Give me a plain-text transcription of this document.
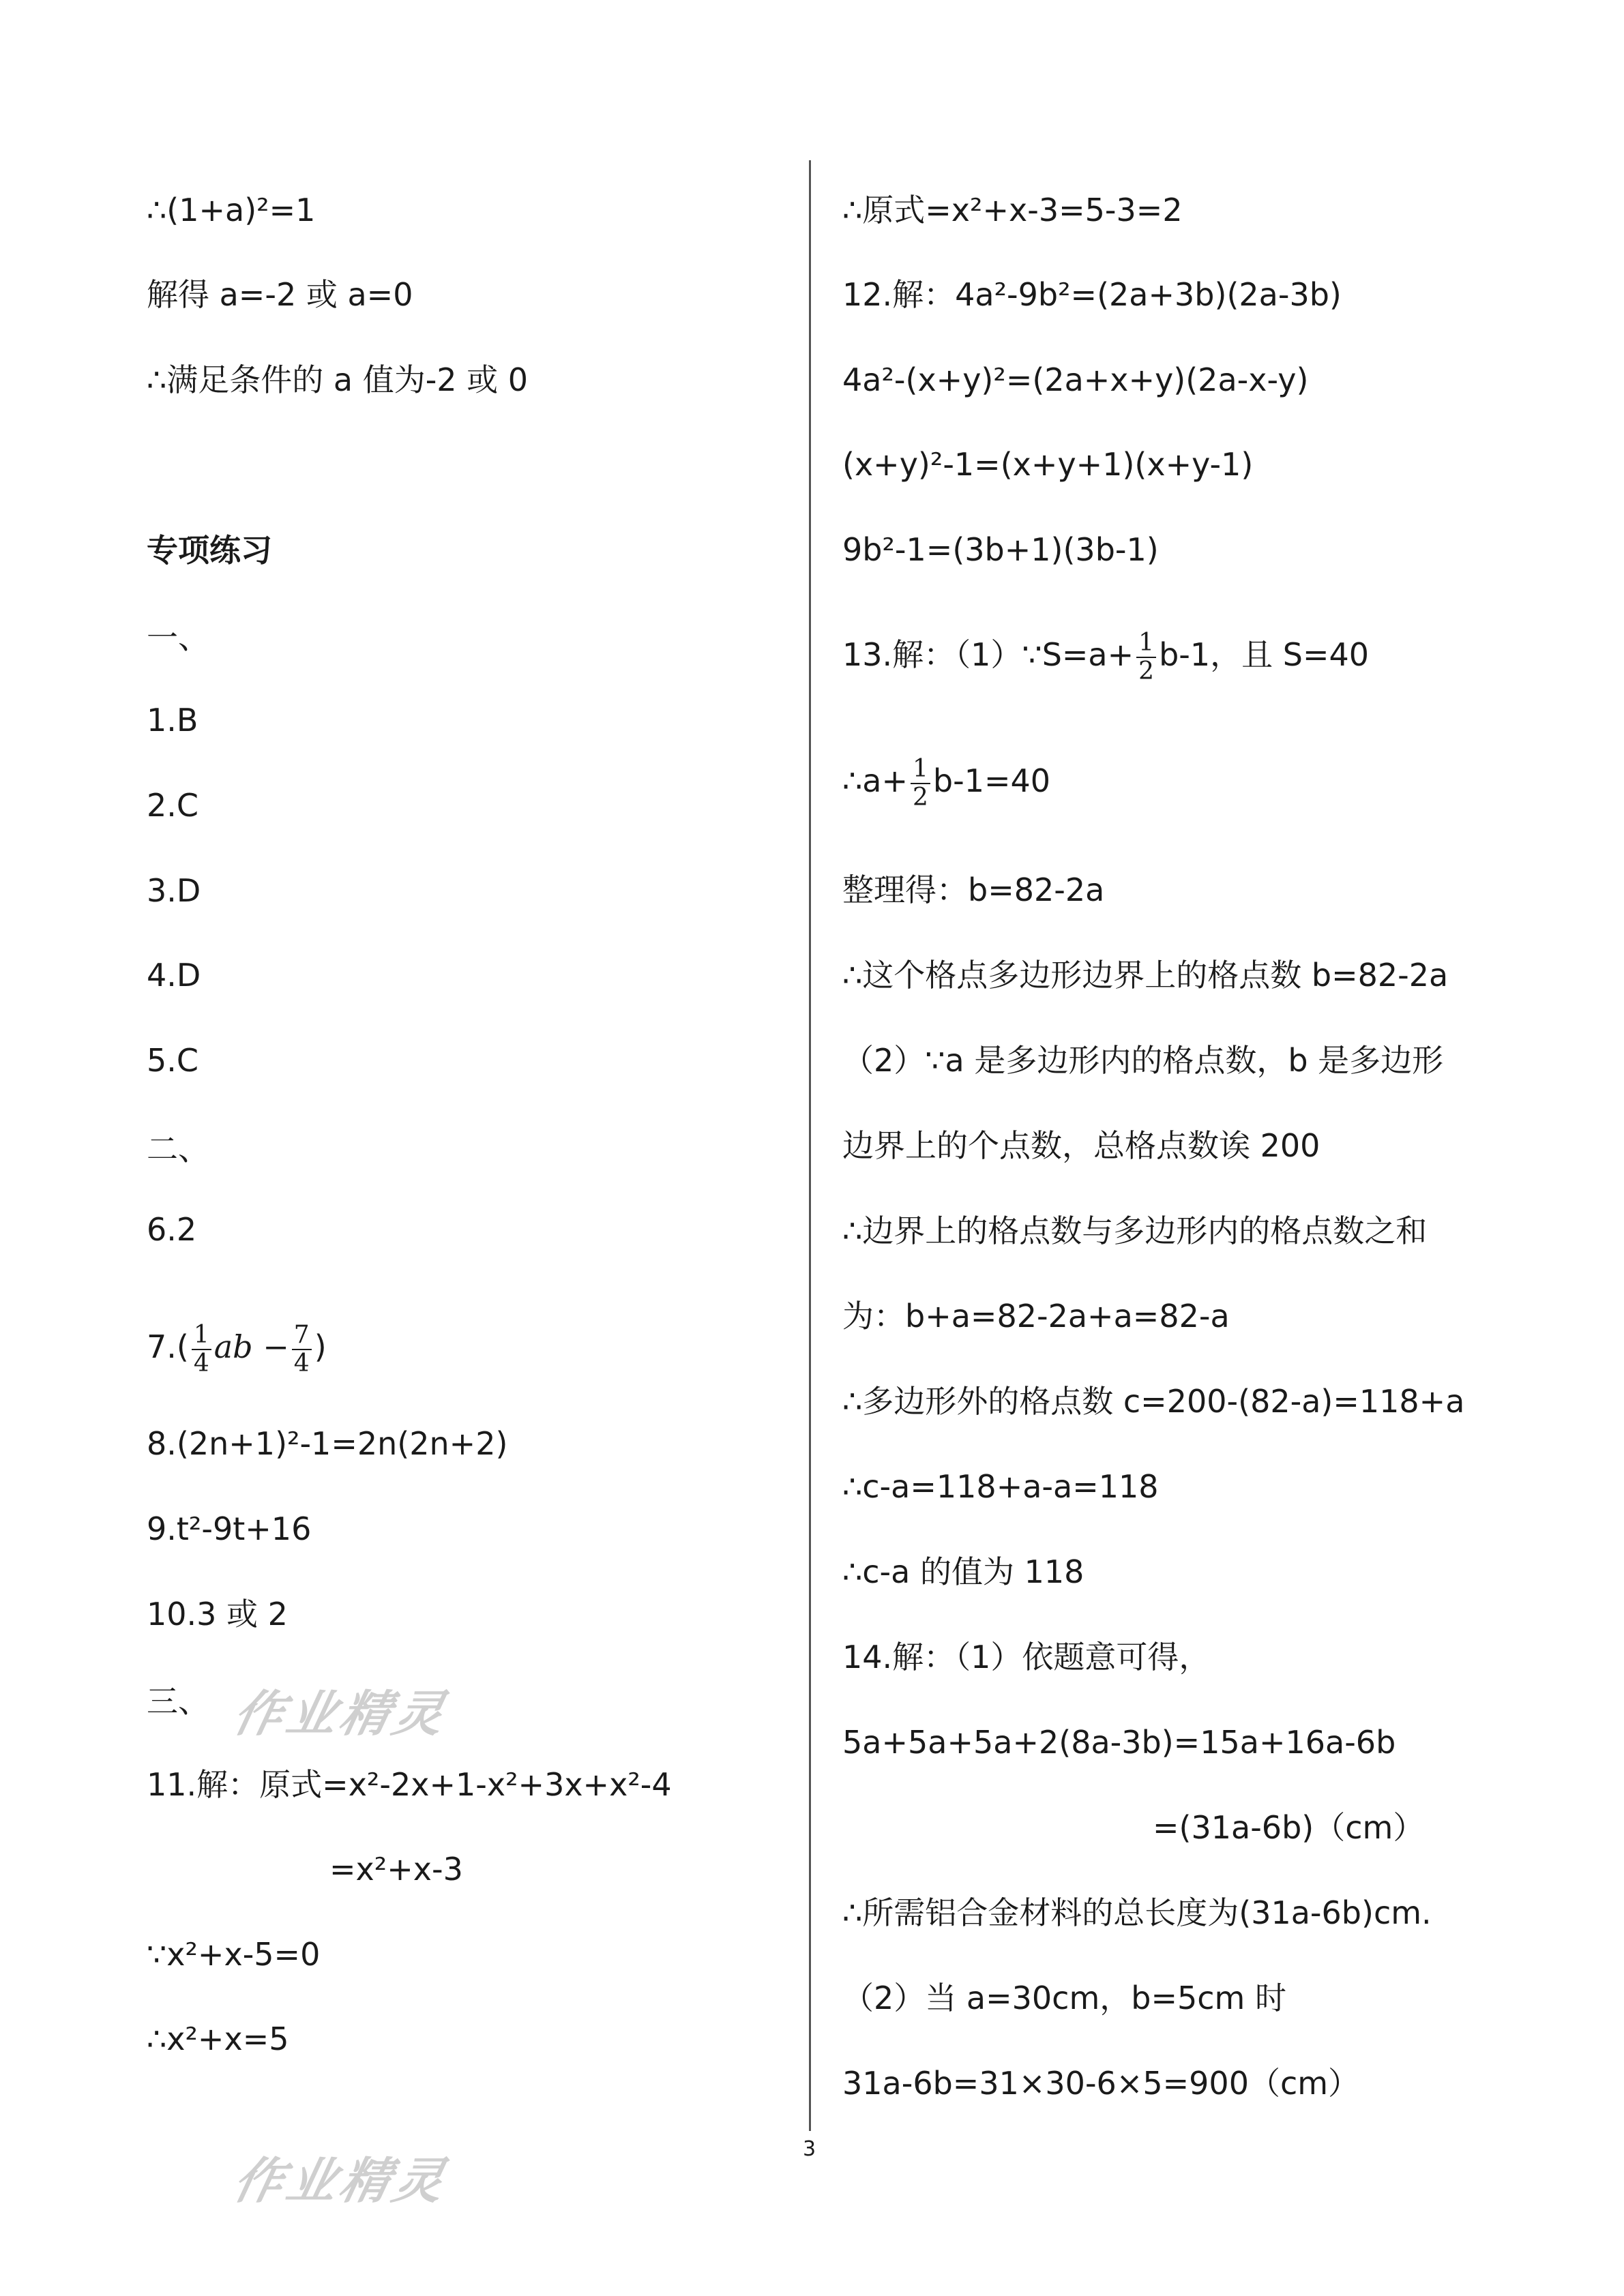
∴(1+a)²=1
解得 a=-2 或 a=0
∴满足条件的 a 值为-2 或 0
专项练习
一、
1.B
2.C
3.D
4.D
5.C
二、
6.2
$7.( \frac{1}{4}$ ab − $\frac{7}{4}$ )
8.(2n+1)²-1=2n(2n+2)
9.t²-9t+16
10.3 或 2
三、
11.解：原式=x²-2x+1-x²+3x+x²-4
=x²+x-3
∵x²+x-5=0
∴x²+x=5
∴原式=x²+x-3=5-3=2
12.解：4a²-9b²=(2a+3b)(2a-3b)
4a²-(x+y)²=(2a+x+y)(2a-x-y)
(x+y)²-1=(x+y+1)(x+y-1)
9b²-1=(3b+1)(3b-1)
13.解：（1）∵S=a+ $\frac{1}{2} b-1$，且 S=40
∴a+ $\frac{1}{2} b-1=40$
整理得：b=82-2a
∴这个格点多边形边界上的格点数 b=82-2a
（2）∵a 是多边形内的格点数，b 是多边形
边界上的个点数，总格点数诶 200
∴边界上的格点数与多边形内的格点数之和
为：b+a=82-2a+a=82-a
∴多边形外的格点数 c=200-(82-a)=118+a
∴c-a=118+a-a=118
∴c-a 的值为 118
14.解：（1）依题意可得，
5a+5a+5a+2(8a-3b)=15a+16a-6b
=(31a-6b)（cm）
∴所需铝合金材料的总长度为(31a-6b)cm.
（2）当 a=30cm，b=5cm 时
31a-6b=31×30-6×5=900（cm）
3
作业精灵
作业精灵
